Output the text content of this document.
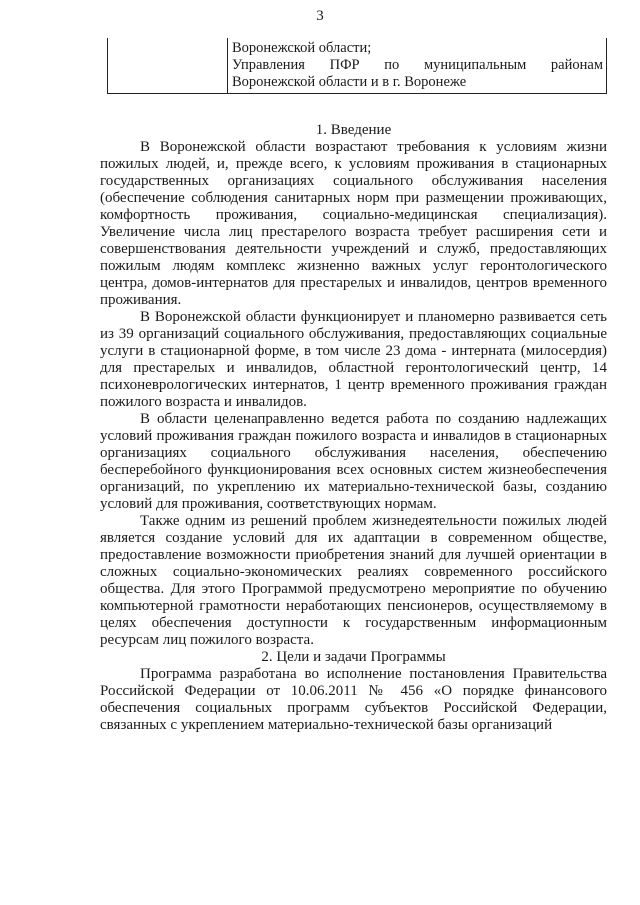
3

Воронежской области;
Управления ПФР по муниципальным районам
Воронежской области и в г. Воронеже
1. Введение

В Воронежской области возрастают требования к условиям жизни пожилых людей, и, прежде всего, к условиям проживания в стационарных государственных организациях социального обслуживания населения (обеспечение соблюдения санитарных норм при размещении проживающих, комфортность проживания, социально-медицинская специализация). Увеличение числа лиц престарелого возраста требует расширения сети и совершенствования деятельности учреждений и служб, предоставляющих пожилым людям комплекс жизненно важных услуг геронтологического центра, домов-интернатов для престарелых и инвалидов, центров временного проживания.

В Воронежской области функционирует и планомерно развивается сеть из 39 организаций социального обслуживания, предоставляющих социальные услуги в стационарной форме, в том числе 23 дома - интерната (милосердия) для престарелых и инвалидов, областной геронтологический центр, 14 психоневрологических интернатов, 1 центр временного проживания граждан пожилого возраста и инвалидов.

В области целенаправленно ведется работа по созданию надлежащих условий проживания граждан пожилого возраста и инвалидов в стационарных организациях социального обслуживания населения, обеспечению бесперебойного функционирования всех основных систем жизнеобеспечения организаций, по укреплению их материально-технической базы, созданию условий для проживания, соответствующих нормам.

Также одним из решений проблем жизнедеятельности пожилых людей является создание условий для их адаптации в современном обществе, предоставление возможности приобретения знаний для лучшей ориентации в сложных социально-экономических реалиях современного российского общества. Для этого Программой предусмотрено мероприятие по обучению компьютерной грамотности неработающих пенсионеров, осуществляемому в целях обеспечения доступности к государственным информационным ресурсам лиц пожилого возраста.

2. Цели и задачи Программы

Программа разработана во исполнение постановления Правительства Российской Федерации от 10.06.2011 № 456 «О порядке финансового обеспечения социальных программ субъектов Российской Федерации, связанных с укреплением материально-технической базы организаций
